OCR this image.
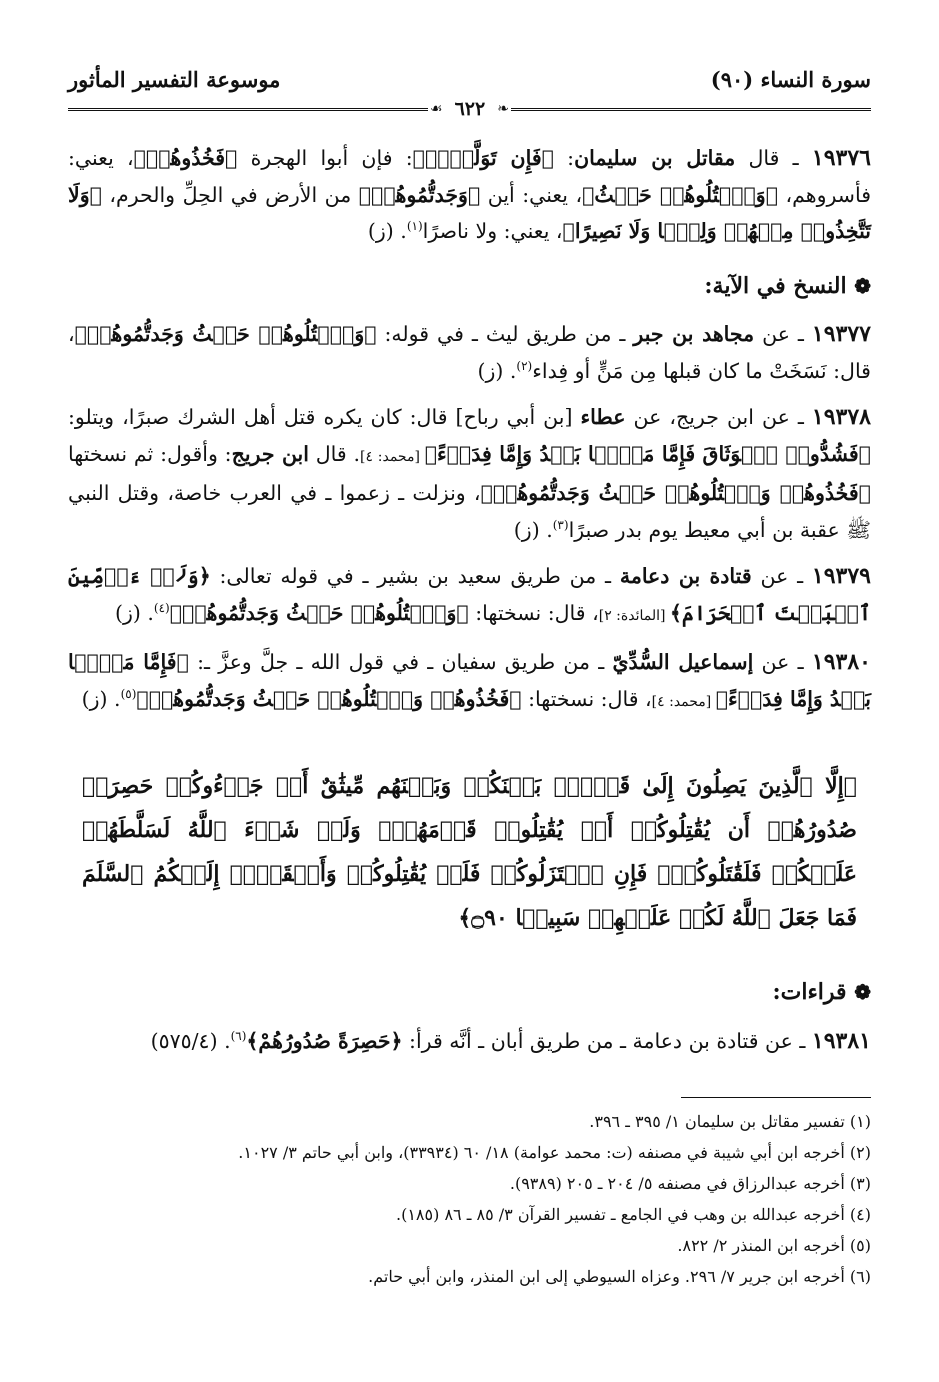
سورة النساء (٩٠)
موسوعة التفسير المأثور
❧
٦٢٢
☙

١٩٣٧٦ ـ قال مقاتل بن سليمان: ﴿فَإِن تَوَلَّوۡا۟﴾: فإن أبوا الهجرة ﴿فَخُذُوهُمۡ﴾، يعني: فأسروهم، ﴿وَٱقۡتُلُوهُمۡ حَيۡثُ﴾، يعني: أين ﴿وَجَدتُّمُوهُمۡ﴾ من الأرض في الحِلِّ والحرم، ﴿وَلَا تَتَّخِذُوا۟ مِنۡهُمۡ وَلِيࣰّا وَلَا نَصِيرًا﴾، يعني: ولا ناصرًا$^{(١)}$. (ز)

❁ النسخ في الآية:

١٩٣٧٧ ـ عن مجاهد بن جبر ـ من طريق ليث ـ في قوله: ﴿وَٱقۡتُلُوهُمۡ حَيۡثُ وَجَدتُّمُوهُمۡ﴾، قال: نَسَخَتْ ما كان قبلها مِن مَنٍّ أو فِداء$^{(٢)}$. (ز)

١٩٣٧٨ ـ عن ابن جريج، عن عطاء [بن أبي رباح] قال: كان يكره قتل أهل الشرك صبرًا، ويتلو: ﴿فَشُدُّوا۟ ٱلۡوَثَاقَ فَإِمَّا مَنَّۢا بَعۡدُ وَإِمَّا فِدَاۤءً﴾ [محمد: ٤]. قال ابن جريج: وأقول: ثم نسختها ﴿فَخُذُوهُمۡ وَٱقۡتُلُوهُمۡ حَيۡثُ وَجَدتُّمُوهُمۡ﴾، ونزلت ـ زعموا ـ في العرب خاصة، وقتل النبي ﷺ عقبة بن أبي معيط يوم بدر صبرًا$^{(٣)}$. (ز)

١٩٣٧٩ ـ عن قتادة بن دعامة ـ من طريق سعيد بن بشير ـ في قوله تعالى: ﴿وَلَاۤ ءَاۤمِّینَ ٱلۡبَیۡتَ ٱلۡحَرَامَ﴾ [المائدة: ٢]، قال: نسختها: ﴿وَٱقۡتُلُوهُمۡ حَيۡثُ وَجَدتُّمُوهُمۡ﴾$^{(٤)}$. (ز)

١٩٣٨٠ ـ عن إسماعيل السُّدِّيّ ـ من طريق سفيان ـ في قول الله ـ جلَّ وعزَّ ـ: ﴿فَإِمَّا مَنَّۢا بَعۡدُ وَإِمَّا فِدَاۤءً﴾ [محمد: ٤]، قال: نسختها: ﴿فَخُذُوهُمۡ وَٱقۡتُلُوهُمۡ حَيۡثُ وَجَدتُّمُوهُمۡ﴾$^{(٥)}$. (ز)

﴿إِلَّا ٱلَّذِينَ يَصِلُونَ إِلَىٰ قَوۡمِۭ بَيۡنَكُمۡ وَبَيۡنَهُم مِّيثَٰقٌ أَوۡ جَاۤءُوكُمۡ حَصِرَتۡ صُدُورُهُمۡ أَن يُقَٰتِلُوكُمۡ أَوۡ يُقَٰتِلُوا۟ قَوۡمَهُمۡۚ وَلَوۡ شَاۤءَ ٱللَّهُ لَسَلَّطَهُمۡ عَلَيۡكُمۡ فَلَقَٰتَلُوكُمۡۚ فَإِنِ ٱعۡتَزَلُوكُمۡ فَلَمۡ يُقَٰتِلُوكُمۡ وَأَلۡقَوۡا۟ إِلَيۡكُمُ ٱلسَّلَمَ فَمَا جَعَلَ ٱللَّهُ لَكُمۡ عَلَيۡهِمۡ سَبِيلࣰا ۝٩٠﴾
❁ قراءات:

١٩٣٨١ ـ عن قتادة بن دعامة ـ من طريق أبان ـ أنَّه قرأ: ﴿حَصِرَةً صُدُورُهُمْ﴾$^{(٦)}$. (٥٧٥/٤)

(١) تفسير مقاتل بن سليمان ١/ ٣٩٥ ـ ٣٩٦.

(٢) أخرجه ابن أبي شيبة في مصنفه (ت: محمد عوامة) ١٨/ ٦٠ (٣٣٩٣٤)، وابن أبي حاتم ٣/ ١٠٢٧.

(٣) أخرجه عبدالرزاق في مصنفه ٥/ ٢٠٤ ـ ٢٠٥ (٩٣٨٩).

(٤) أخرجه عبدالله بن وهب في الجامع ـ تفسير القرآن ٣/ ٨٥ ـ ٨٦ (١٨٥).

(٥) أخرجه ابن المنذر ٢/ ٨٢٢.

(٦) أخرجه ابن جرير ٧/ ٢٩٦. وعزاه السيوطي إلى ابن المنذر، وابن أبي حاتم.
